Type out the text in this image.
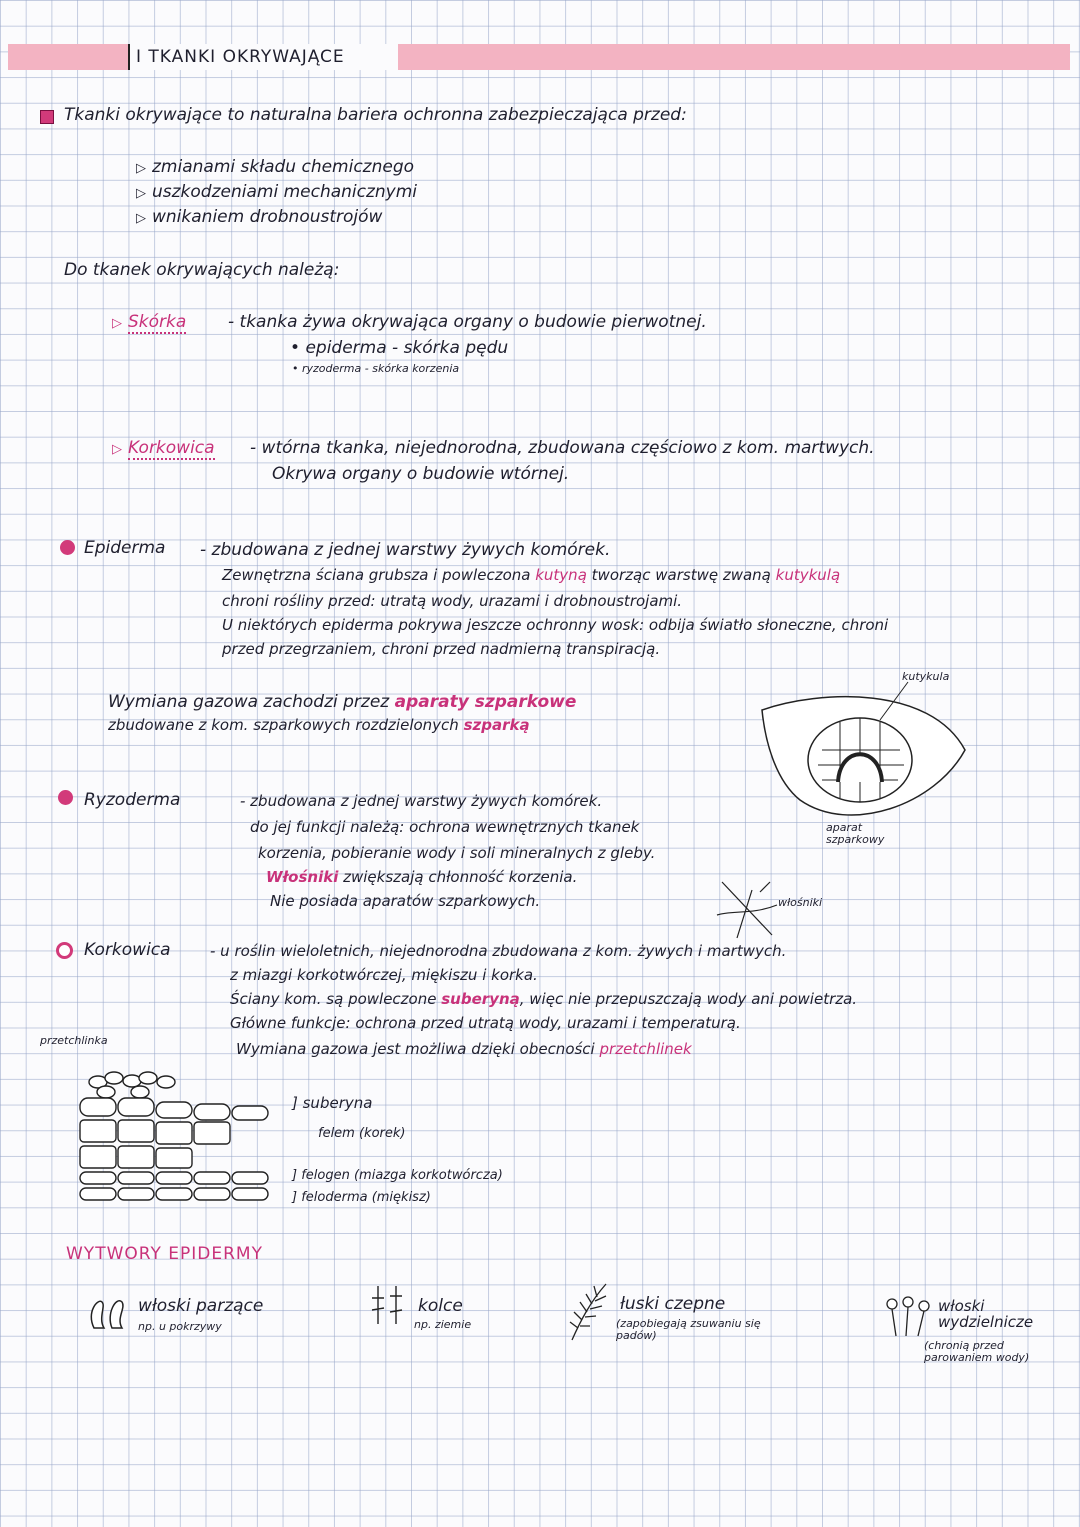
I TKANKI OKRYWAJĄCE
Tkanki okrywające to naturalna bariera ochronna zabezpieczająca przed:
▷ zmianami składu chemicznego
▷ uszkodzeniami mechanicznymi
▷ wnikaniem drobnoustrojów
Do tkanek okrywających należą:
▷ Skórka - tkanka żywa okrywająca organy o budowie pierwotnej.
• epiderma - skórka pędu
• ryzoderma - skórka korzenia
▷ Korkowica - wtórna tkanka, niejednorodna, zbudowana częściowo z kom. martwych.
Okrywa organy o budowie wtórnej.
Epiderma - zbudowana z jednej warstwy żywych komórek.
Zewnętrzna ściana grubsza i powleczona kutyną tworząc warstwę zwaną kutykulą
chroni rośliny przed: utratą wody, urazami i drobnoustrojami.
U niektórych epiderma pokrywa jeszcze ochronny wosk: odbija światło słoneczne, chroni
przed przegrzaniem, chroni przed nadmierną transpiracją.
Wymiana gazowa zachodzi przez aparaty szparkowe
zbudowane z kom. szparkowych rozdzielonych szparką
kutykula
aparat szparkowy
Ryzoderma	- zbudowana z jednej warstwy żywych komórek.
do jej funkcji należą: ochrona wewnętrznych tkanek
korzenia, pobieranie wody i soli mineralnych z gleby.
Włośniki zwiększają chłonność korzenia.
Nie posiada aparatów szparkowych.	włośniki
Korkowica	- u roślin wieloletnich, niejednorodna zbudowana z kom. żywych i martwych.
z miazgi korkotwórczej, miękiszu i korka.
Ściany kom. są powleczone suberyną, więc nie przepuszczają wody ani powietrza.
Główne funkcje: ochrona przed utratą wody, urazami i temperaturą.
Wymiana gazowa jest możliwa dzięki obecności przetchlinek
przetchlinka
] suberyna
felem (korek)
] felogen (miazga korkotwórcza)
] feloderma (miękisz)
WYTWORY EPIDERMY
włoski parzące
np. u pokrzywy
kolce
np. ziemie
łuski czepne
(zapobiegają zsuwaniu się padów)
włoski wydzielnicze
(chronią przed parowaniem wody)
